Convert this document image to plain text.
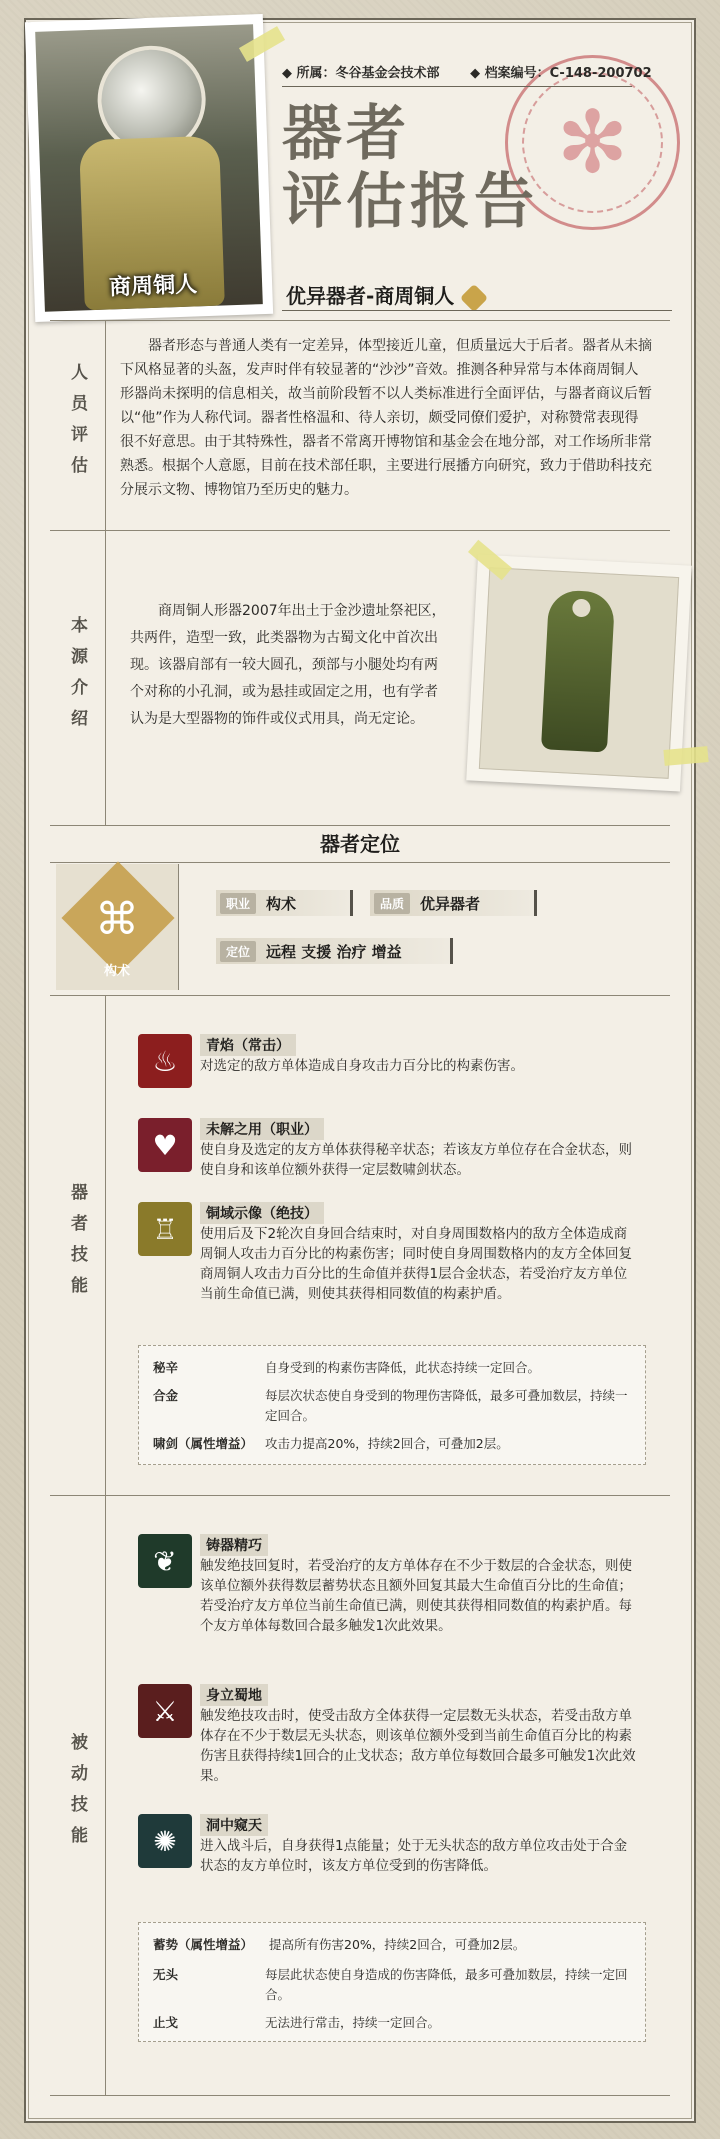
✻
商周铜人
◆ 所属：冬谷基金会技术部 ◆ 档案编号：C-148-200702
器者
评估报告
优异器者-商周铜人
人员评估
器者形态与普通人类有一定差异，体型接近儿童，但质量远大于后者。器者从未摘下风格显著的头盔，发声时伴有较显著的“沙沙”音效。推测各种异常与本体商周铜人形器尚未探明的信息相关，故当前阶段暂不以人类标准进行全面评估，与器者商议后暂以“他”作为人称代词。器者性格温和、待人亲切，颇受同僚们爱护，对称赞常表现得很不好意思。由于其特殊性，器者不常离开博物馆和基金会在地分部，对工作场所非常熟悉。根据个人意愿，目前在技术部任职，主要进行展播方向研究，致力于借助科技充分展示文物、博物馆乃至历史的魅力。
本源介绍
商周铜人形器2007年出土于金沙遗址祭祀区，共两件，造型一致，此类器物为古蜀文化中首次出现。该器肩部有一较大圆孔，颈部与小腿处均有两个对称的小孔洞，或为悬挂或固定之用，也有学者认为是大型器物的饰件或仪式用具，尚无定论。
器者定位
⌘
构术
职业	构术	品质	优异器者
定位	远程 支援 治疗 增益
器者技能
♨	青焰（常击）
对选定的敌方单体造成自身攻击力百分比的构素伤害。
♥	未解之用（职业）
使自身及选定的友方单体获得秘辛状态；若该友方单位存在合金状态，则使自身和该单位额外获得一定层数啸剑状态。
♖	铜域示像（绝技）
使用后及下2轮次自身回合结束时，对自身周围数格内的敌方全体造成商周铜人攻击力百分比的构素伤害；同时使自身周围数格内的友方全体回复商周铜人攻击力百分比的生命值并获得1层合金状态，若受治疗友方单位当前生命值已满，则使其获得相同数值的构素护盾。
秘辛	自身受到的构素伤害降低，此状态持续一定回合。
合金	每层次状态使自身受到的物理伤害降低，最多可叠加数层，持续一定回合。
啸剑（属性增益） 攻击力提高20%，持续2回合，可叠加2层。
被动技能
❦	铸器精巧
触发绝技回复时，若受治疗的友方单体存在不少于数层的合金状态，则使该单位额外获得数层蓄势状态且额外回复其最大生命值百分比的生命值；若受治疗友方单位当前生命值已满，则使其获得相同数值的构素护盾。每个友方单体每数回合最多触发1次此效果。
⚔	身立蜀地
触发绝技攻击时，使受击敌方全体获得一定层数无头状态，若受击敌方单体存在不少于数层无头状态，则该单位额外受到当前生命值百分比的构素伤害且获得持续1回合的止戈状态；敌方单位每数回合最多可触发1次此效果。
✺	洞中窥天
进入战斗后，自身获得1点能量；处于无头状态的敌方单位攻击处于合金状态的友方单位时，该友方单位受到的伤害降低。
蓄势（属性增益）	提高所有伤害20%，持续2回合，可叠加2层。
无头	每层此状态使自身造成的伤害降低，最多可叠加数层，持续一定回合。
止戈	无法进行常击，持续一定回合。
